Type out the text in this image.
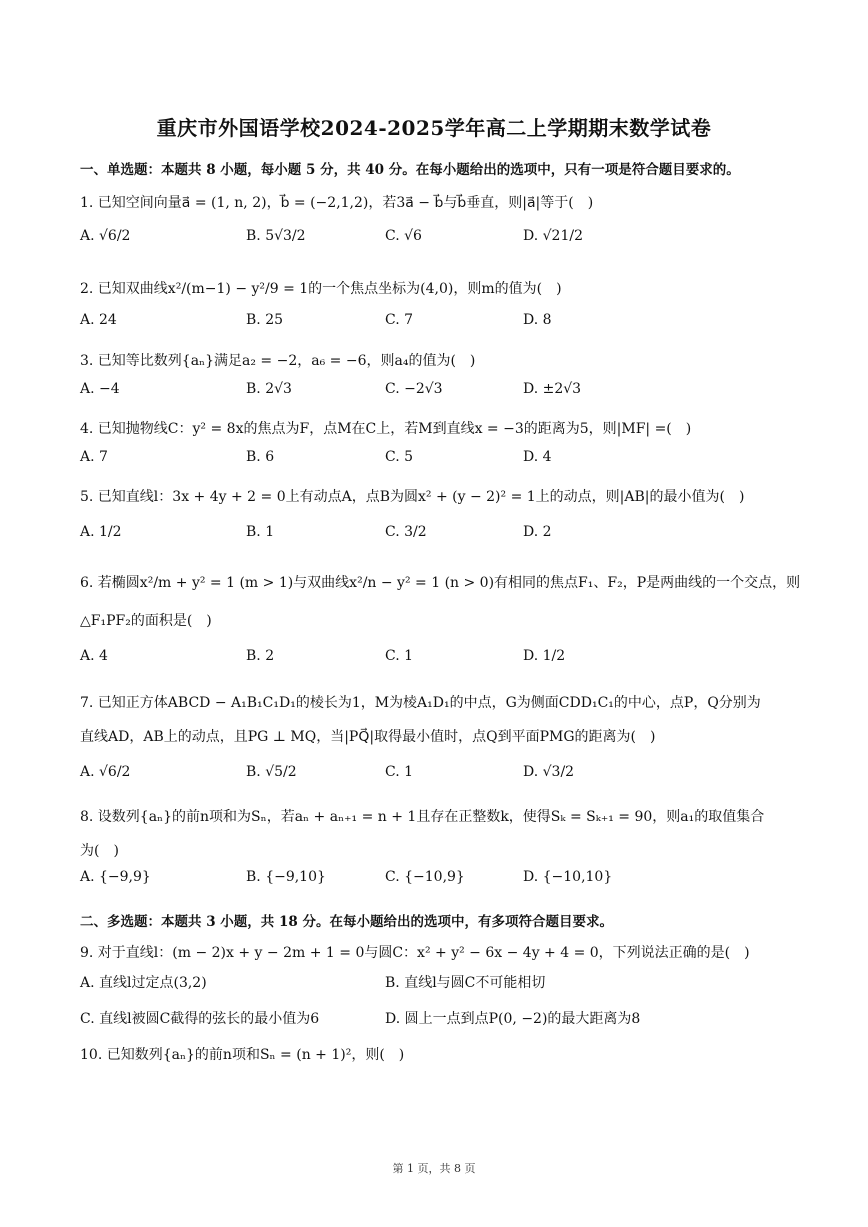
重庆市外国语学校2024-2025学年高二上学期期末数学试卷
一、单选题：本题共 8 小题，每小题 5 分，共 40 分。在每小题给出的选项中，只有一项是符合题目要求的。
1. 已知空间向量a⃗ = (1, n, 2)，b⃗ = (−2,1,2)，若3a⃗ − b⃗与b⃗垂直，则|a⃗|等于(　)
A. √6/2	B. 5√3/2	C. √6	D. √21/2
2. 已知双曲线x²/(m−1) − y²/9 = 1的一个焦点坐标为(4,0)，则m的值为(　)
A. 24	B. 25	C. 7	D. 8
3. 已知等比数列{aₙ}满足a₂ = −2，a₆ = −6，则a₄的值为(　)
A. −4	B. 2√3	C. −2√3	D. ±2√3
4. 已知抛物线C：y² = 8x的焦点为F，点M在C上，若M到直线x = −3的距离为5，则|MF| =(　)
A. 7	B. 6	C. 5	D. 4
5. 已知直线l：3x + 4y + 2 = 0上有动点A，点B为圆x² + (y − 2)² = 1上的动点，则|AB|的最小值为(　)
A. 1/2	B. 1	C. 3/2	D. 2
6. 若椭圆x²/m + y² = 1 (m > 1)与双曲线x²/n − y² = 1 (n > 0)有相同的焦点F₁、F₂，P是两曲线的一个交点，则
△F₁PF₂的面积是(　)
A. 4	B. 2	C. 1	D. 1/2
7. 已知正方体ABCD − A₁B₁C₁D₁的棱长为1，M为棱A₁D₁的中点，G为侧面CDD₁C₁的中心，点P，Q分别为
直线AD，AB上的动点，且PG ⊥ MQ，当|PQ⃗|取得最小值时，点Q到平面PMG的距离为(　)
A. √6/2	B. √5/2	C. 1	D. √3/2
8. 设数列{aₙ}的前n项和为Sₙ，若aₙ + aₙ₊₁ = n + 1且存在正整数k，使得Sₖ = Sₖ₊₁ = 90，则a₁的取值集合
为(　)
A. {−9,9}	B. {−9,10}	C. {−10,9}	D. {−10,10}
二、多选题：本题共 3 小题，共 18 分。在每小题给出的选项中，有多项符合题目要求。
9. 对于直线l：(m − 2)x + y − 2m + 1 = 0与圆C：x² + y² − 6x − 4y + 4 = 0，下列说法正确的是(　)
A. 直线l过定点(3,2)	B. 直线l与圆C不可能相切
C. 直线l被圆C截得的弦长的最小值为6	D. 圆上一点到点P(0, −2)的最大距离为8
10. 已知数列{aₙ}的前n项和Sₙ = (n + 1)²，则(　)
第 1 页，共 8 页
